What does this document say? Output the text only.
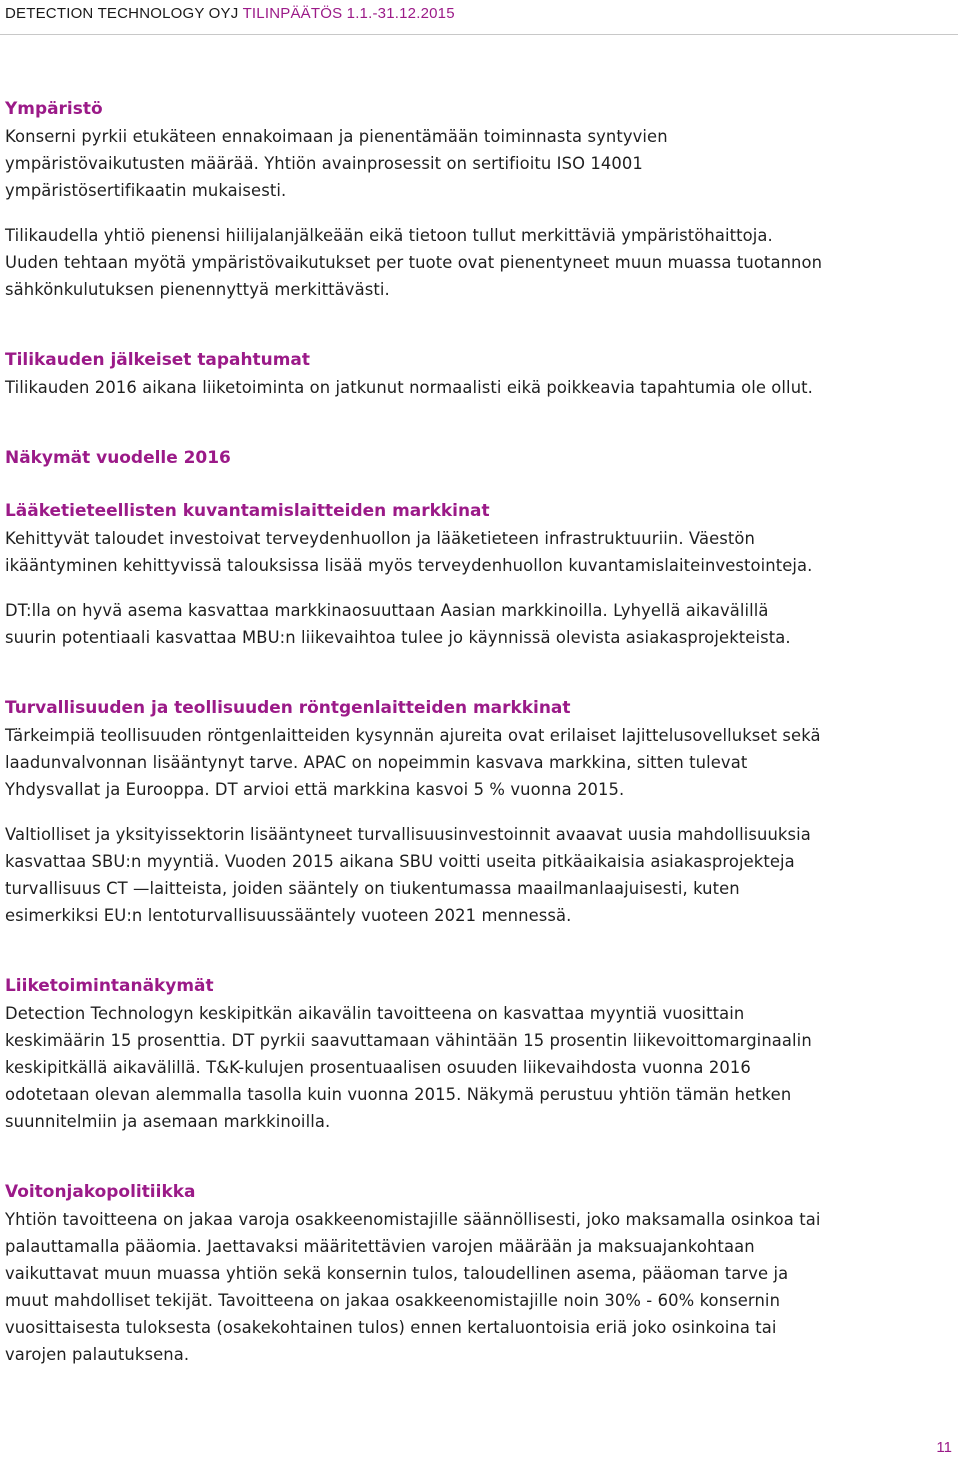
DETECTION TECHNOLOGY OYJ TILINPÄÄTÖS 1.1.-31.12.2015
Ympäristö

Konserni pyrkii etukäteen ennakoimaan ja pienentämään toiminnasta syntyvien
ympäristövaikutusten määrää. Yhtiön avainprosessit on sertifioitu ISO 14001
ympäristösertifikaatin mukaisesti.

Tilikaudella yhtiö pienensi hiilijalanjälkeään eikä tietoon tullut merkittäviä ympäristöhaittoja.
Uuden tehtaan myötä ympäristövaikutukset per tuote ovat pienentyneet muun muassa tuotannon
sähkönkulutuksen pienennyttyä merkittävästi.

Tilikauden jälkeiset tapahtumat

Tilikauden 2016 aikana liiketoiminta on jatkunut normaalisti eikä poikkeavia tapahtumia ole ollut.

Näkymät vuodelle 2016
Lääketieteellisten kuvantamislaitteiden markkinat

Kehittyvät taloudet investoivat terveydenhuollon ja lääketieteen infrastruktuuriin. Väestön
ikääntyminen kehittyvissä talouksissa lisää myös terveydenhuollon kuvantamislaiteinvestointeja.

DT:lla on hyvä asema kasvattaa markkinaosuuttaan Aasian markkinoilla. Lyhyellä aikavälillä
suurin potentiaali kasvattaa MBU:n liikevaihtoa tulee jo käynnissä olevista asiakasprojekteista.

Turvallisuuden ja teollisuuden röntgenlaitteiden markkinat

Tärkeimpiä teollisuuden röntgenlaitteiden kysynnän ajureita ovat erilaiset lajittelusovellukset sekä
laadunvalvonnan lisääntynyt tarve. APAC on nopeimmin kasvava markkina, sitten tulevat
Yhdysvallat ja Eurooppa. DT arvioi että markkina kasvoi 5 % vuonna 2015.

Valtiolliset ja yksityissektorin lisääntyneet turvallisuusinvestoinnit avaavat uusia mahdollisuuksia
kasvattaa SBU:n myyntiä. Vuoden 2015 aikana SBU voitti useita pitkäaikaisia asiakasprojekteja
turvallisuus CT —laitteista, joiden sääntely on tiukentumassa maailmanlaajuisesti, kuten
esimerkiksi EU:n lentoturvallisuussääntely vuoteen 2021 mennessä.

Liiketoimintanäkymät

Detection Technologyn keskipitkän aikavälin tavoitteena on kasvattaa myyntiä vuosittain
keskimäärin 15 prosenttia. DT pyrkii saavuttamaan vähintään 15 prosentin liikevoittomarginaalin
keskipitkällä aikavälillä. T&K-kulujen prosentuaalisen osuuden liikevaihdosta vuonna 2016
odotetaan olevan alemmalla tasolla kuin vuonna 2015. Näkymä perustuu yhtiön tämän hetken
suunnitelmiin ja asemaan markkinoilla.

Voitonjakopolitiikka

Yhtiön tavoitteena on jakaa varoja osakkeenomistajille säännöllisesti, joko maksamalla osinkoa tai
palauttamalla pääomia. Jaettavaksi määritettävien varojen määrään ja maksuajankohtaan
vaikuttavat muun muassa yhtiön sekä konsernin tulos, taloudellinen asema, pääoman tarve ja
muut mahdolliset tekijät. Tavoitteena on jakaa osakkeenomistajille noin 30% - 60% konsernin
vuosittaisesta tuloksesta (osakekohtainen tulos) ennen kertaluontoisia eriä joko osinkoina tai
varojen palautuksena.

11
